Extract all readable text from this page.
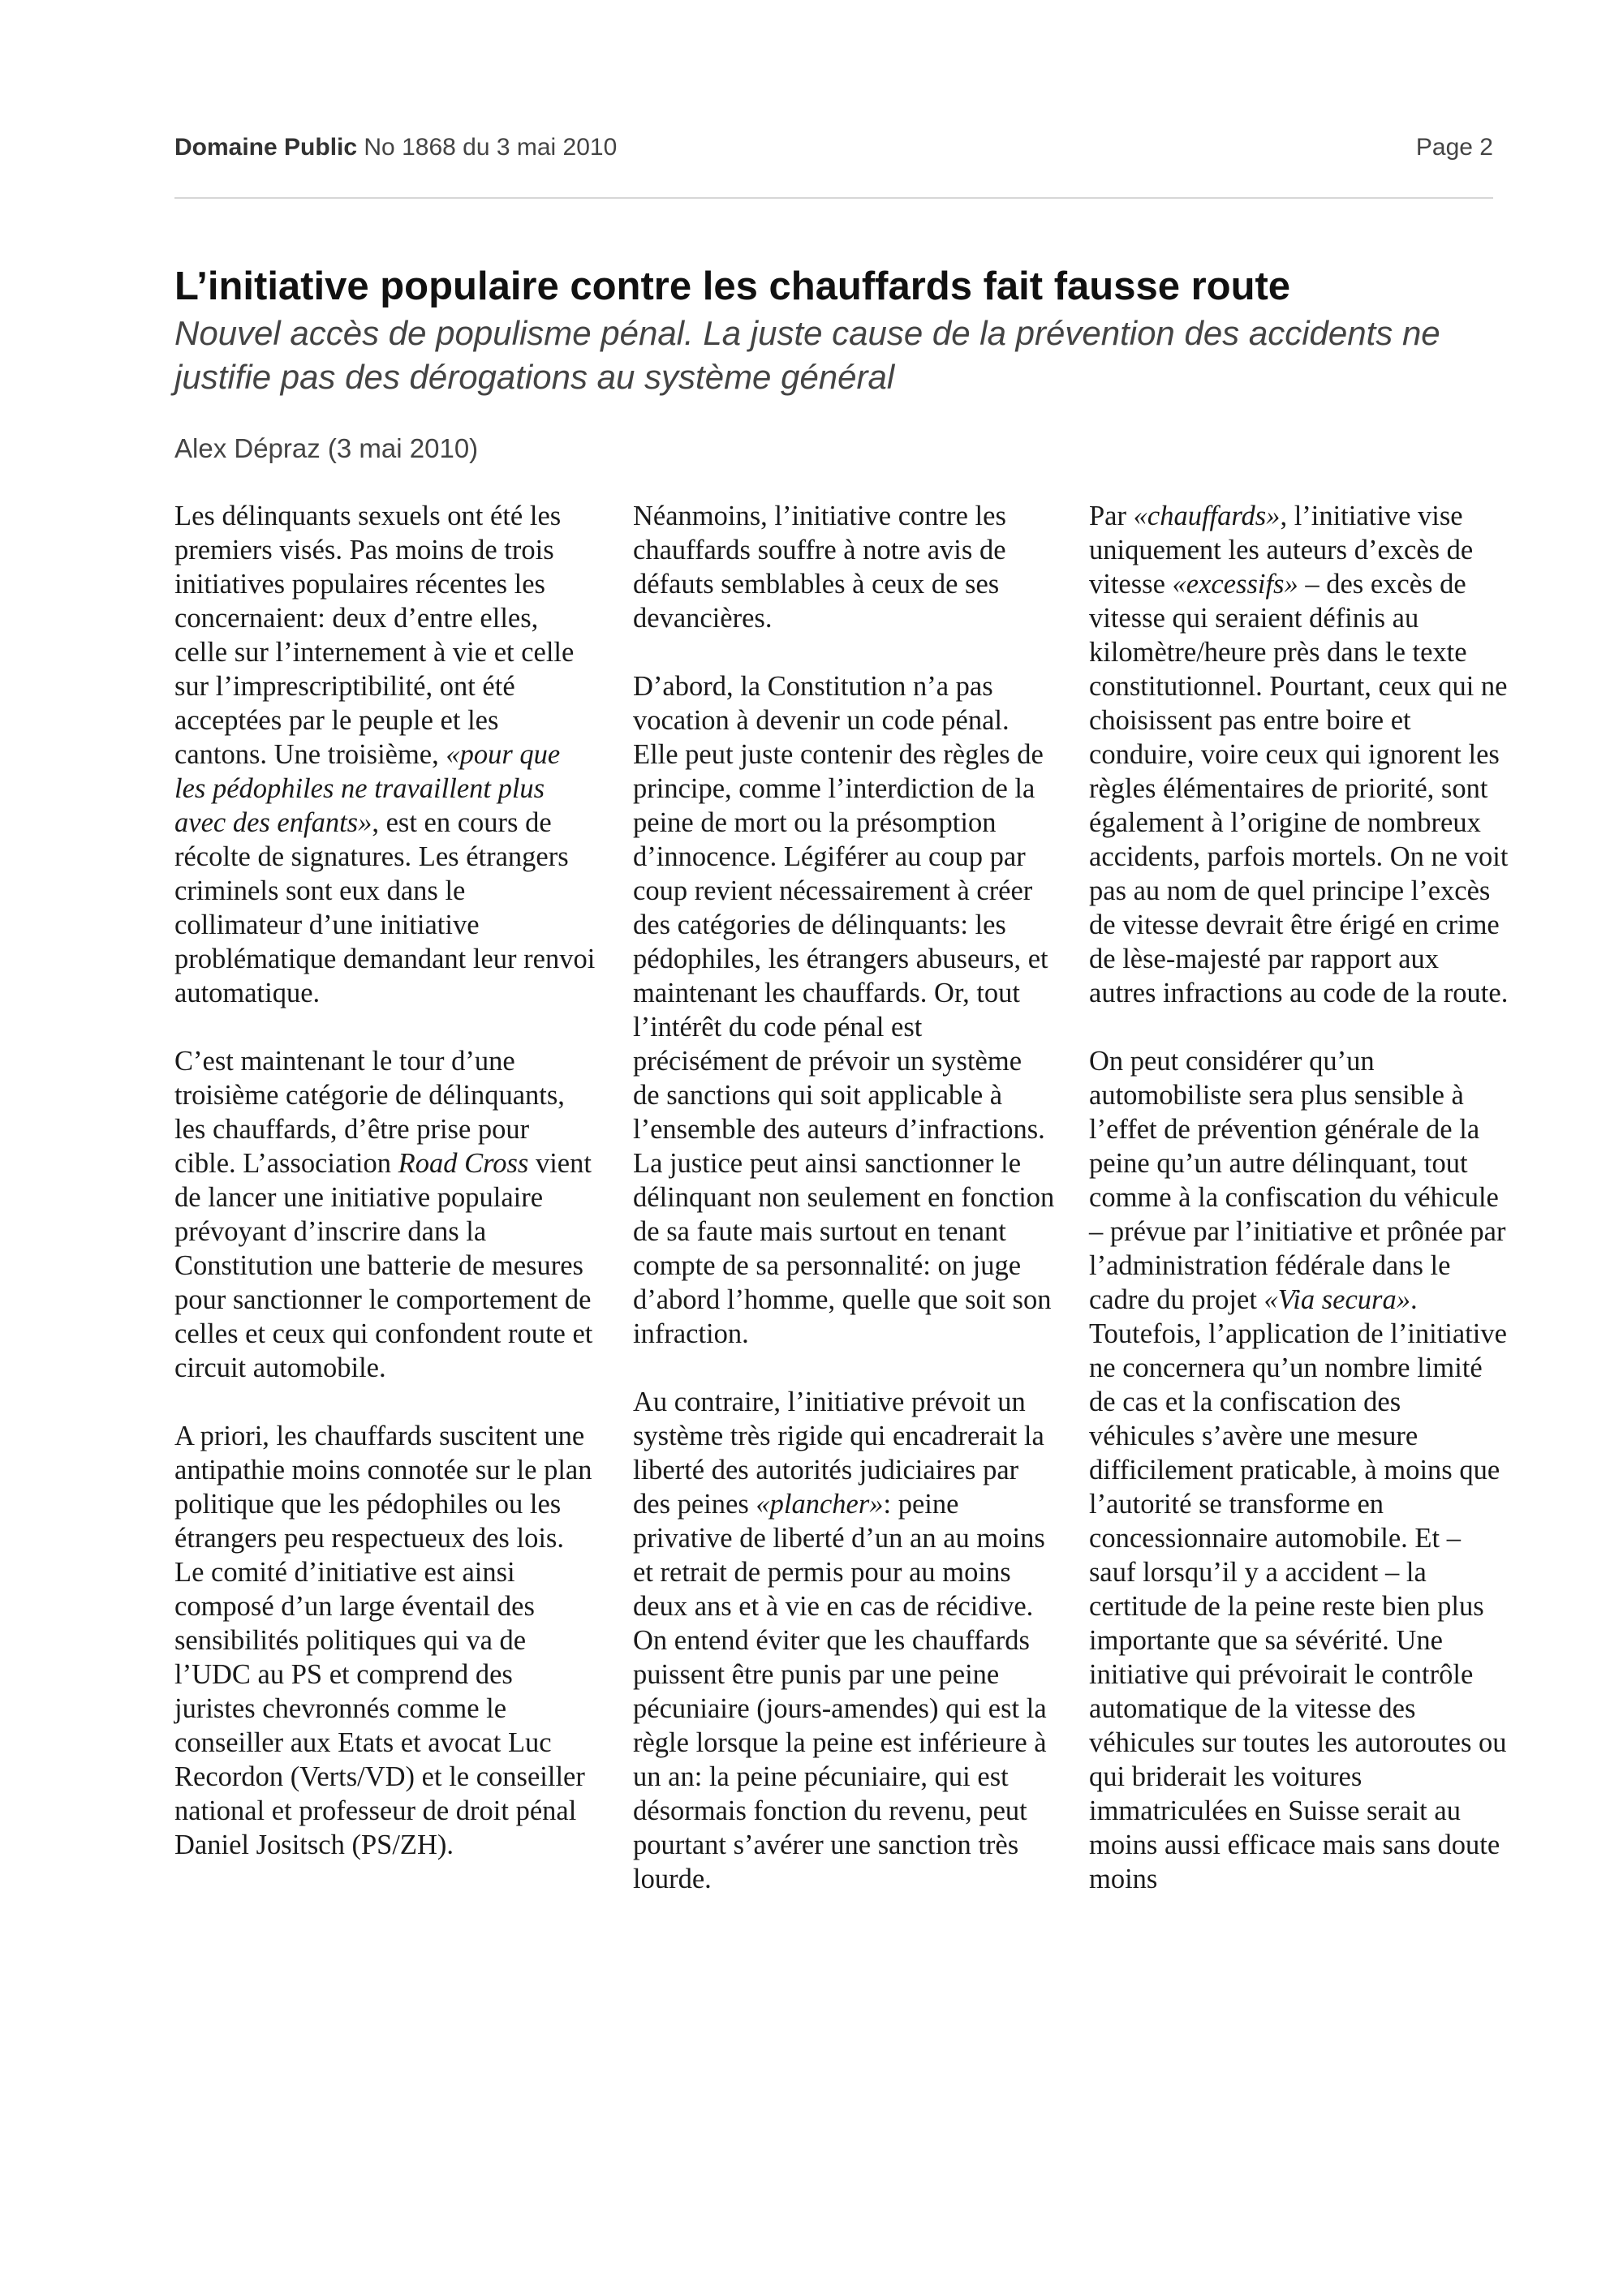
Domaine Public No 1868 du 3 mai 2010	Page 2
L’initiative populaire contre les chauffards fait fausse route

Nouvel accès de populisme pénal. La juste cause de la prévention des accidents ne justifie pas des dérogations au système général

Alex Dépraz (3 mai 2010)

Les délinquants sexuels ont été les premiers visés. Pas moins de trois initiatives populaires récentes les concernaient: deux d’entre elles, celle sur l’internement à vie et celle sur l’imprescriptibilité, ont été acceptées par le peuple et les cantons. Une troisième, «pour que les pédophiles ne travaillent plus avec des enfants», est en cours de récolte de signatures. Les étrangers criminels sont eux dans le collimateur d’une initiative problématique demandant leur renvoi automatique.

C’est maintenant le tour d’une troisième catégorie de délinquants, les chauffards, d’être prise pour cible. L’association Road Cross vient de lancer une initiative populaire prévoyant d’inscrire dans la Constitution une batterie de mesures pour sanctionner le comportement de celles et ceux qui confondent route et circuit automobile.

A priori, les chauffards suscitent une antipathie moins connotée sur le plan politique que les pédophiles ou les étrangers peu respectueux des lois. Le comité d’initiative est ainsi composé d’un large éventail des sensibilités politiques qui va de l’UDC au PS et comprend des juristes chevronnés comme le conseiller aux Etats et avocat Luc Recordon (Verts/VD) et le conseiller national et professeur de droit pénal Daniel Jositsch (PS/ZH).

Néanmoins, l’initiative contre les chauffards souffre à notre avis de défauts semblables à ceux de ses devancières.

D’abord, la Constitution n’a pas vocation à devenir un code pénal. Elle peut juste contenir des règles de principe, comme l’interdiction de la peine de mort ou la présomption d’innocence. Légiférer au coup par coup revient nécessairement à créer des catégories de délinquants: les pédophiles, les étrangers abuseurs, et maintenant les chauffards. Or, tout l’intérêt du code pénal est précisément de prévoir un système de sanctions qui soit applicable à l’ensemble des auteurs d’infractions. La justice peut ainsi sanctionner le délinquant non seulement en fonction de sa faute mais surtout en tenant compte de sa personnalité: on juge d’abord l’homme, quelle que soit son infraction.

Au contraire, l’initiative prévoit un système très rigide qui encadrerait la liberté des autorités judiciaires par des peines «plancher»: peine privative de liberté d’un an au moins et retrait de permis pour au moins deux ans et à vie en cas de récidive. On entend éviter que les chauffards puissent être punis par une peine pécuniaire (jours-amendes) qui est la règle lorsque la peine est inférieure à un an: la peine pécuniaire, qui est désormais fonction du revenu, peut pourtant s’avérer une sanction très lourde.

Par «chauffards», l’initiative vise uniquement les auteurs d’excès de vitesse «excessifs» – des excès de vitesse qui seraient définis au kilomètre/heure près dans le texte constitutionnel. Pourtant, ceux qui ne choisissent pas entre boire et conduire, voire ceux qui ignorent les règles élémentaires de priorité, sont également à l’origine de nombreux accidents, parfois mortels. On ne voit pas au nom de quel principe l’excès de vitesse devrait être érigé en crime de lèse-majesté par rapport aux autres infractions au code de la route.

On peut considérer qu’un automobiliste sera plus sensible à l’effet de prévention générale de la peine qu’un autre délinquant, tout comme à la confiscation du véhicule – prévue par l’initiative et prônée par l’administration fédérale dans le cadre du projet «Via secura». Toutefois, l’application de l’initiative ne concernera qu’un nombre limité de cas et la confiscation des véhicules s’avère une mesure difficilement praticable, à moins que l’autorité se transforme en concessionnaire automobile. Et – sauf lorsqu’il y a accident – la certitude de la peine reste bien plus importante que sa sévérité. Une initiative qui prévoirait le contrôle automatique de la vitesse des véhicules sur toutes les autoroutes ou qui briderait les voitures immatriculées en Suisse serait au moins aussi efficace mais sans doute moins
